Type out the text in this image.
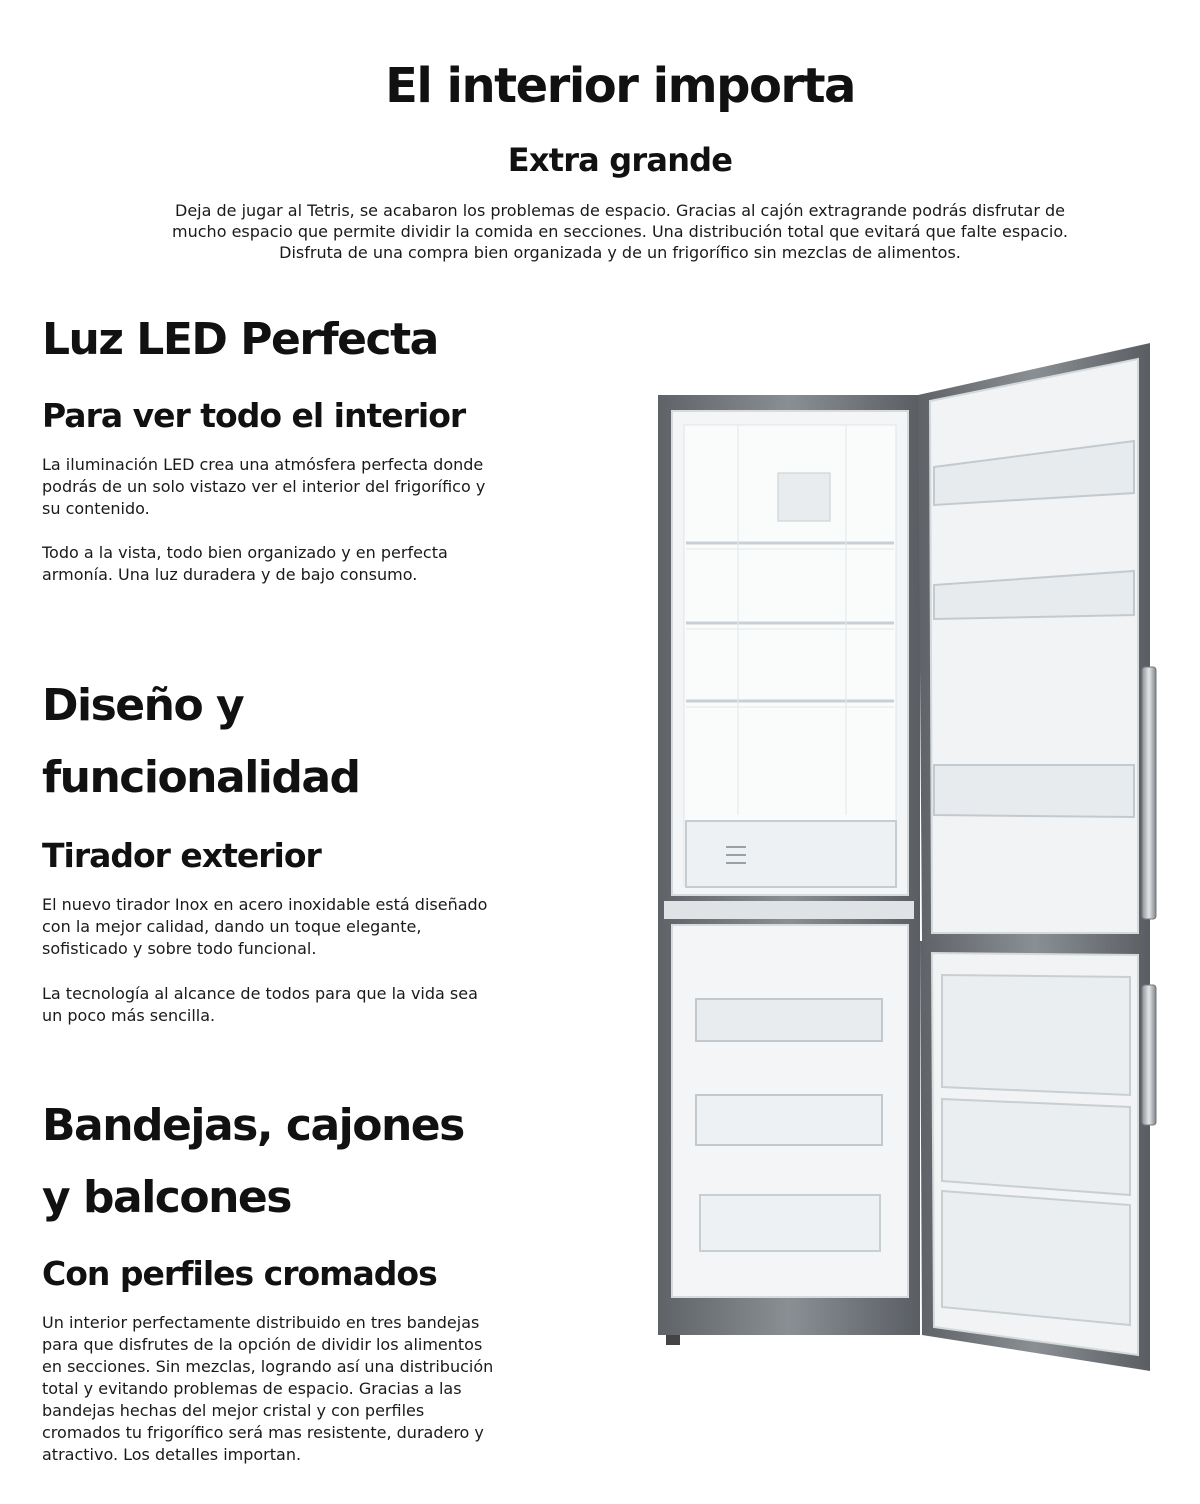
El interior importa
Extra grande

Deja de jugar al Tetris, se acabaron los problemas de espacio. Gracias al cajón extragrande podrás disfrutar de mucho espacio que permite dividir la comida en secciones. Una distribución total que evitará que falte espacio. Disfruta de una compra bien organizada y de un frigorífico sin mezclas de alimentos.

Luz LED Perfecta
Para ver todo el interior

La iluminación LED crea una atmósfera perfecta donde podrás de un solo vistazo ver el interior del frigorífico y su contenido.

Todo a la vista, todo bien organizado y en perfecta armonía. Una luz duradera y de bajo consumo.

Diseño y
funcionalidad
Tirador exterior

El nuevo tirador Inox en acero inoxidable está diseñado con la mejor calidad, dando un toque elegante, sofisticado y sobre todo funcional.

La tecnología al alcance de todos para que la vida sea un poco más sencilla.

Bandejas, cajones
y balcones
Con perfiles cromados

Un interior perfectamente distribuido en tres bandejas para que disfrutes de la opción de dividir los alimentos en secciones. Sin mezclas, logrando así una distribución total y evitando problemas de espacio. Gracias a las bandejas hechas del mejor cristal y con perfiles cromados tu frigorífico será mas resistente, duradero y atractivo. Los detalles importan.
